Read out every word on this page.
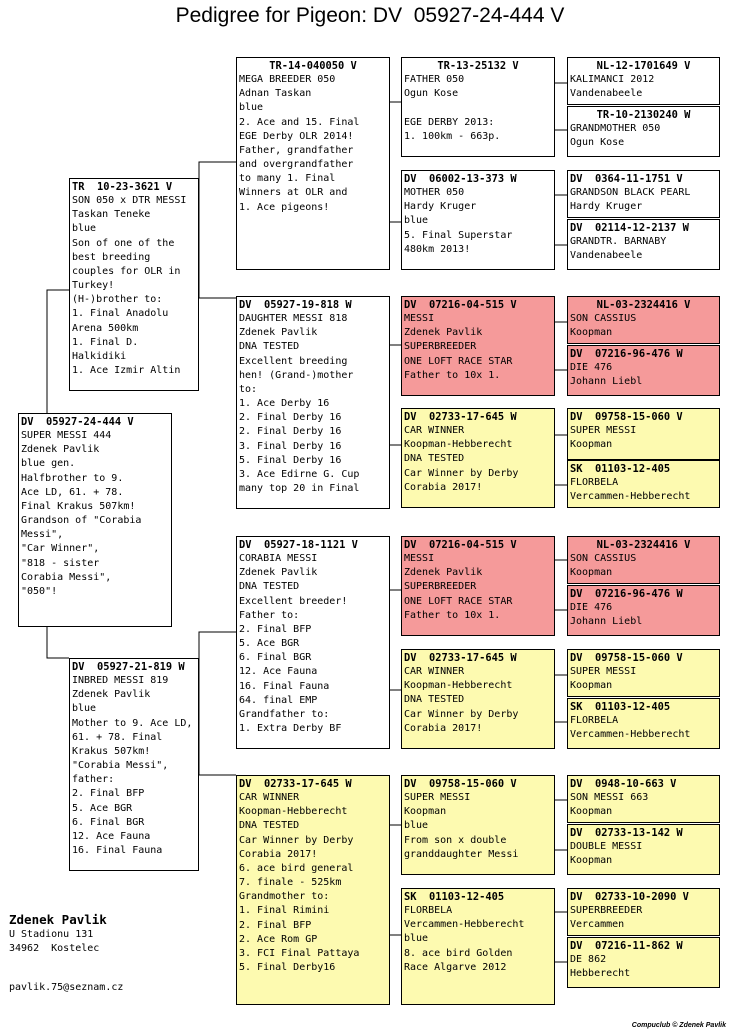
Pedigree for Pigeon: DV  05927-24-444 V
DV  05927-24-444 V
SUPER MESSI 444
Zdenek Pavlik
blue gen.
Halfbrother to 9.
Ace LD, 61. + 78.
Final Krakus 507km!
Grandson of "Corabia
Messi",
"Car Winner",
"818 - sister
Corabia Messi",
"050"!
TR  10-23-3621 V
SON 050 x DTR MESSI
Taskan Teneke
blue
Son of one of the
best breeding
couples for OLR in
Turkey!
(H-)brother to:
1. Final Anadolu
Arena 500km
1. Final D.
Halkidiki
1. Ace Izmir Altin
DV  05927-21-819 W
INBRED MESSI 819
Zdenek Pavlik
blue
Mother to 9. Ace LD,
61. + 78. Final
Krakus 507km!
"Corabia Messi",
father:
2. Final BFP
5. Ace BGR
6. Final BGR
12. Ace Fauna
16. Final Fauna
TR-14-040050 V
MEGA BREEDER 050
Adnan Taskan
blue
2. Ace and 15. Final
EGE Derby OLR 2014!
Father, grandfather
and overgrandfather
to many 1. Final
Winners at OLR and
1. Ace pigeons!
DV  05927-19-818 W
DAUGHTER MESSI 818
Zdenek Pavlik
DNA TESTED
Excellent breeding
hen! (Grand-)mother
to:
1. Ace Derby 16
2. Final Derby 16
2. Final Derby 16
3. Final Derby 16
5. Final Derby 16
3. Ace Edirne G. Cup
many top 20 in Final
DV  05927-18-1121 V
CORABIA MESSI
Zdenek Pavlik
DNA TESTED
Excellent breeder!
Father to:
2. Final BFP
5. Ace BGR
6. Final BGR
12. Ace Fauna
16. Final Fauna
64. final EMP
Grandfather to:
1. Extra Derby BF
DV  02733-17-645 W
CAR WINNER
Koopman-Hebberecht
DNA TESTED
Car Winner by Derby
Corabia 2017!
6. ace bird general
7. finale - 525km
Grandmother to:
1. Final Rimini
2. Final BFP
2. Ace Rom GP
3. FCI Final Pattaya
5. Final Derby16
TR-13-25132 V
FATHER 050
Ogun Kose

EGE DERBY 2013:
1. 100km - 663p.
DV  06002-13-373 W
MOTHER 050
Hardy Kruger
blue
5. Final Superstar
480km 2013!
DV  07216-04-515 V
MESSI
Zdenek Pavlik
SUPERBREEDER
ONE LOFT RACE STAR
Father to 10x 1.
DV  02733-17-645 W
CAR WINNER
Koopman-Hebberecht
DNA TESTED
Car Winner by Derby
Corabia 2017!
DV  07216-04-515 V
MESSI
Zdenek Pavlik
SUPERBREEDER
ONE LOFT RACE STAR
Father to 10x 1.
DV  02733-17-645 W
CAR WINNER
Koopman-Hebberecht
DNA TESTED
Car Winner by Derby
Corabia 2017!
DV  09758-15-060 V
SUPER MESSI
Koopman
blue
From son x double
granddaughter Messi
SK  01103-12-405
FLORBELA
Vercammen-Hebberecht
blue
8. ace bird Golden
Race Algarve 2012
NL-12-1701649 V
KALIMANCI 2012
Vandenabeele
TR-10-2130240 W
GRANDMOTHER 050
Ogun Kose
DV  0364-11-1751 V
GRANDSON BLACK PEARL
Hardy Kruger
DV  02114-12-2137 W
GRANDTR. BARNABY
Vandenabeele
NL-03-2324416 V
SON CASSIUS
Koopman
DV  07216-96-476 W
DIE 476
Johann Liebl
DV  09758-15-060 V
SUPER MESSI
Koopman
SK  01103-12-405
FLORBELA
Vercammen-Hebberecht
NL-03-2324416 V
SON CASSIUS
Koopman
DV  07216-96-476 W
DIE 476
Johann Liebl
DV  09758-15-060 V
SUPER MESSI
Koopman
SK  01103-12-405
FLORBELA
Vercammen-Hebberecht
DV  0948-10-663 V
SON MESSI 663
Koopman
DV  02733-13-142 W
DOUBLE MESSI
Koopman
DV  02733-10-2090 V
SUPERBREEDER
Vercammen
DV  07216-11-862 W
DE 862
Hebberecht
Zdenek Pavlik
U Stadionu 131
34962  Kostelec
pavlik.75@seznam.cz
Compuclub © Zdenek Pavlik
